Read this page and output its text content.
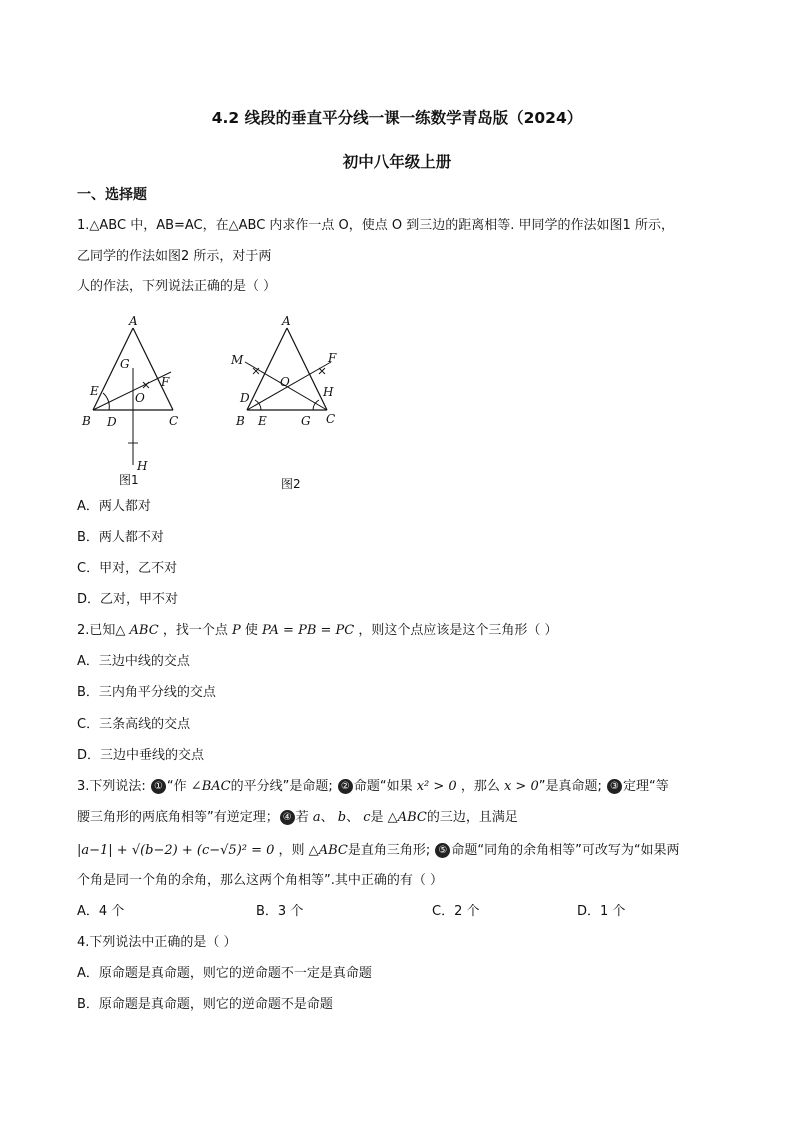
4.2 线段的垂直平分线一课一练数学青岛版（2024）
初中八年级上册
一、选择题
1.△ABC 中，AB=AC，在△ABC 内求作一点 O，使点 O 到三边的距离相等. 甲同学的作法如图1 所示，
乙同学的作法如图2 所示，对于两
人的作法，下列说法正确的是（ ）
A
G
E	O
F
B D	C
H
图1
A
M	F
O
H
D
B E	G C
图2
A．两人都对
B．两人都不对
C．甲对，乙不对
D．乙对，甲不对
2.已知△ ABC ，找一个点 P 使 PA = PB = PC ，则这个点应该是这个三角形（ ）
A．三边中线的交点
B．三内角平分线的交点
C．三条高线的交点
D．三边中垂线的交点
3.下列说法: ① “作 ∠BAC的平分线”是命题; ② 命题“如果 x² > 0 ，那么 x > 0”是真命题; ③ 定理“等
腰三角形的两底角相等”有逆定理； ④ 若 a、 b、 c是 △ABC的三边，且满足
|a−1| + √(b−2) + (c−√5)² = 0 ，则 △ABC是直角三角形; ⑤ 命题“同角的余角相等”可改写为“如果两
个角是同一个角的余角，那么这两个角相等”.其中正确的有（ ）
A．4 个	B．3 个	C．2 个	D．1 个
4.下列说法中正确的是（ ）
A．原命题是真命题，则它的逆命题不一定是真命题
B．原命题是真命题，则它的逆命题不是命题
